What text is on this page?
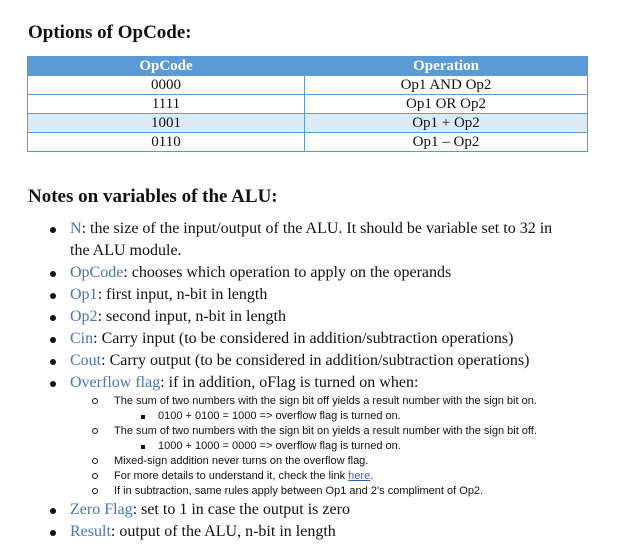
Options of OpCode:
OpCode	Operation
0000	Op1 AND Op2
1111	Op1 OR Op2
1001	Op1 + Op2
0110	Op1 – Op2
Notes on variables of the ALU:
N: the size of the input/output of the ALU. It should be variable set to 32 in
the ALU module.
OpCode: chooses which operation to apply on the operands
Op1: first input, n-bit in length
Op2: second input, n-bit in length
Cin: Carry input (to be considered in addition/subtraction operations)
Cout: Carry output (to be considered in addition/subtraction operations)
Overflow flag: if in addition, oFlag is turned on when:
The sum of two numbers with the sign bit off yields a result number with the sign bit on.
0100 + 0100 = 1000 => overflow flag is turned on.
The sum of two numbers with the sign bit on yields a result number with the sign bit off.
1000 + 1000 = 0000 => overflow flag is turned on.
Mixed-sign addition never turns on the overflow flag.
For more details to understand it, check the link here.
If in subtraction, same rules apply between Op1 and 2’s compliment of Op2.
Zero Flag: set to 1 in case the output is zero
Result: output of the ALU, n-bit in length
